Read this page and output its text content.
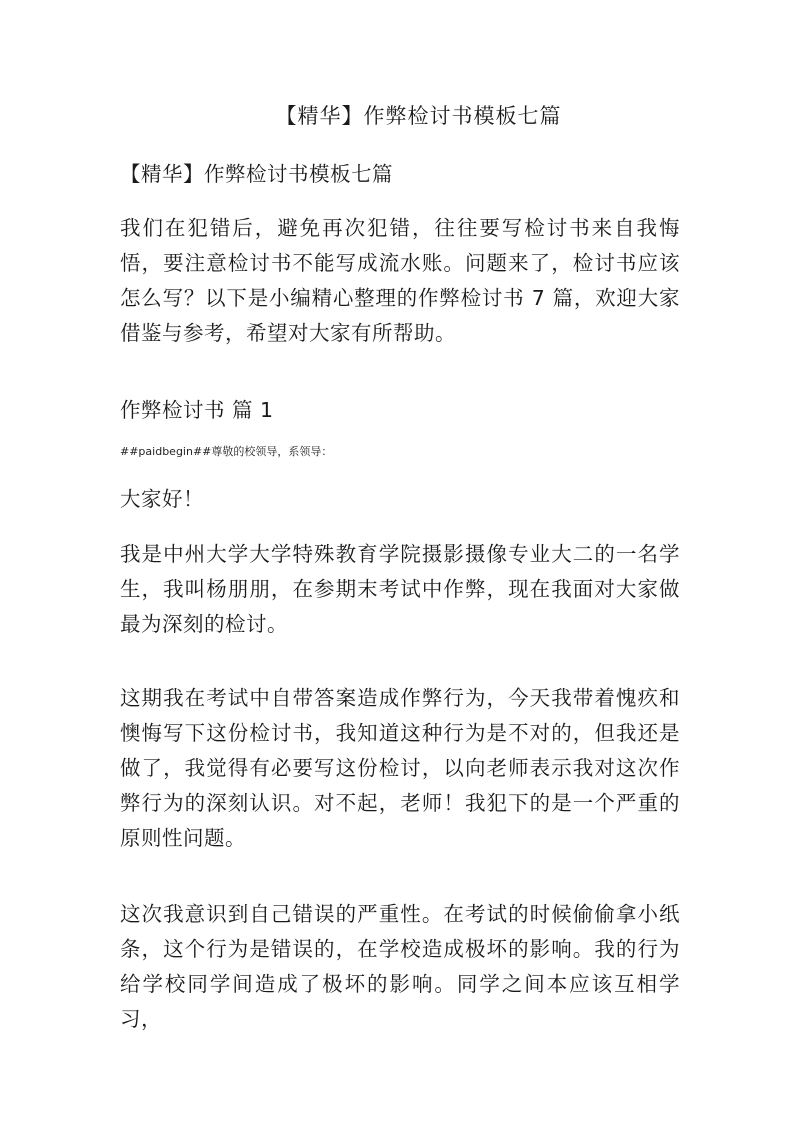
【精华】作弊检讨书模板七篇
【精华】作弊检讨书模板七篇
我们在犯错后，避免再次犯错，往往要写检讨书来自我悔悟，要注意检讨书不能写成流水账。问题来了，检讨书应该怎么写？以下是小编精心整理的作弊检讨书 7 篇，欢迎大家借鉴与参考，希望对大家有所帮助。
作弊检讨书 篇 1
##paidbegin##尊敬的校领导，系领导：
大家好！
我是中州大学大学特殊教育学院摄影摄像专业大二的一名学生，我叫杨朋朋，在参期末考试中作弊，现在我面对大家做最为深刻的检讨。
这期我在考试中自带答案造成作弊行为，今天我带着愧疚和懊悔写下这份检讨书，我知道这种行为是不对的，但我还是做了，我觉得有必要写这份检讨，以向老师表示我对这次作弊行为的深刻认识。对不起，老师！我犯下的是一个严重的原则性问题。
这次我意识到自己错误的严重性。在考试的时候偷偷拿小纸条，这个行为是错误的，在学校造成极坏的影响。我的行为给学校同学间造成了极坏的影响。同学之间本应该互相学习，
